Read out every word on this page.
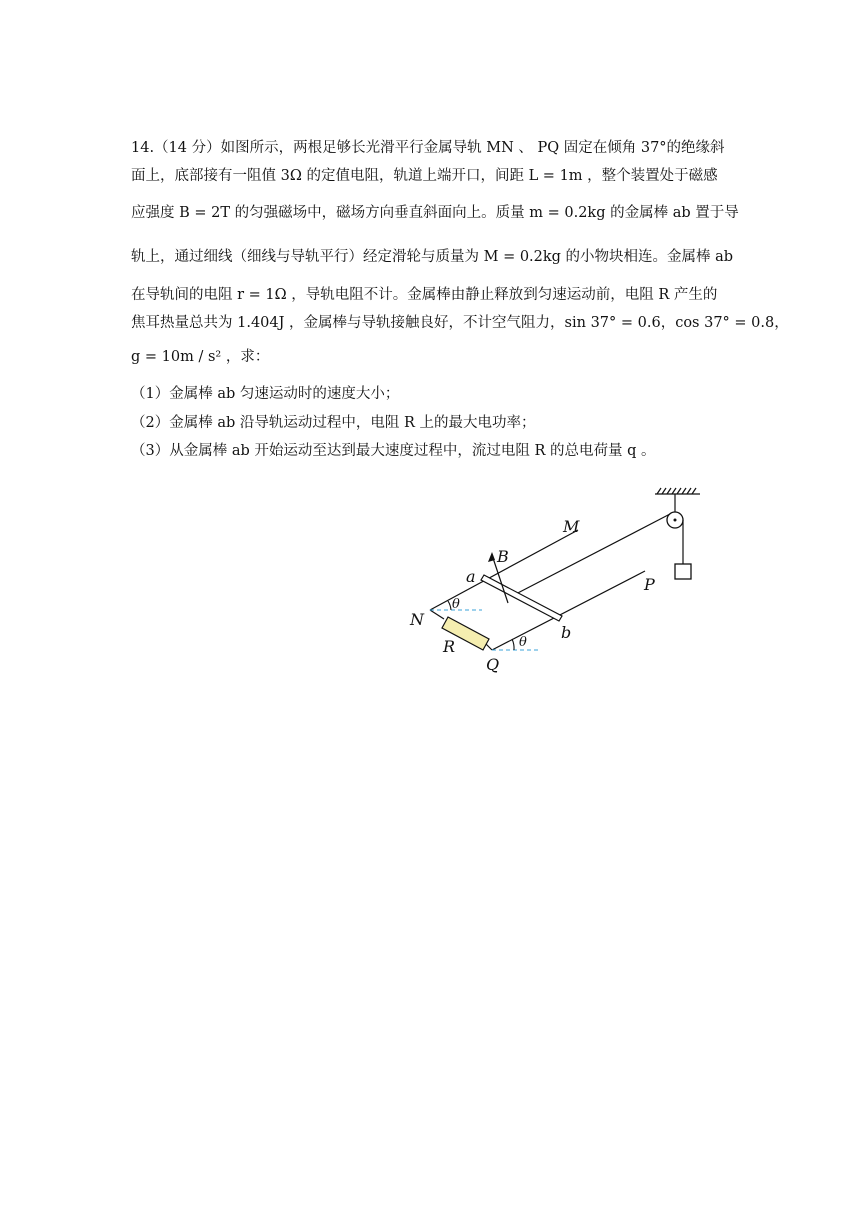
14.（14 分）如图所示，两根足够长光滑平行金属导轨 MN 、 PQ 固定在倾角 37°的绝缘斜
面上，底部接有一阻值 3Ω 的定值电阻，轨道上端开口，间距 L = 1m ，整个装置处于磁感
应强度 B = 2T 的匀强磁场中，磁场方向垂直斜面向上。质量 m = 0.2kg 的金属棒 ab 置于导
轨上，通过细线（细线与导轨平行）经定滑轮与质量为 M = 0.2kg 的小物块相连。金属棒 ab
在导轨间的电阻 r = 1Ω ，导轨电阻不计。金属棒由静止释放到匀速运动前，电阻 R 产生的
焦耳热量总共为 1.404J ，金属棒与导轨接触良好，不计空气阻力，sin 37° = 0.6，cos 37° = 0.8，
g = 10m / s² ，求：
（1）金属棒 ab 匀速运动时的速度大小；
（2）金属棒 ab 沿导轨运动过程中，电阻 R 上的最大电功率；
（3）从金属棒 ab 开始运动至达到最大速度过程中，流过电阻 R 的总电荷量 q 。
M
P
B
a
b
N
R
Q
θ
θ
